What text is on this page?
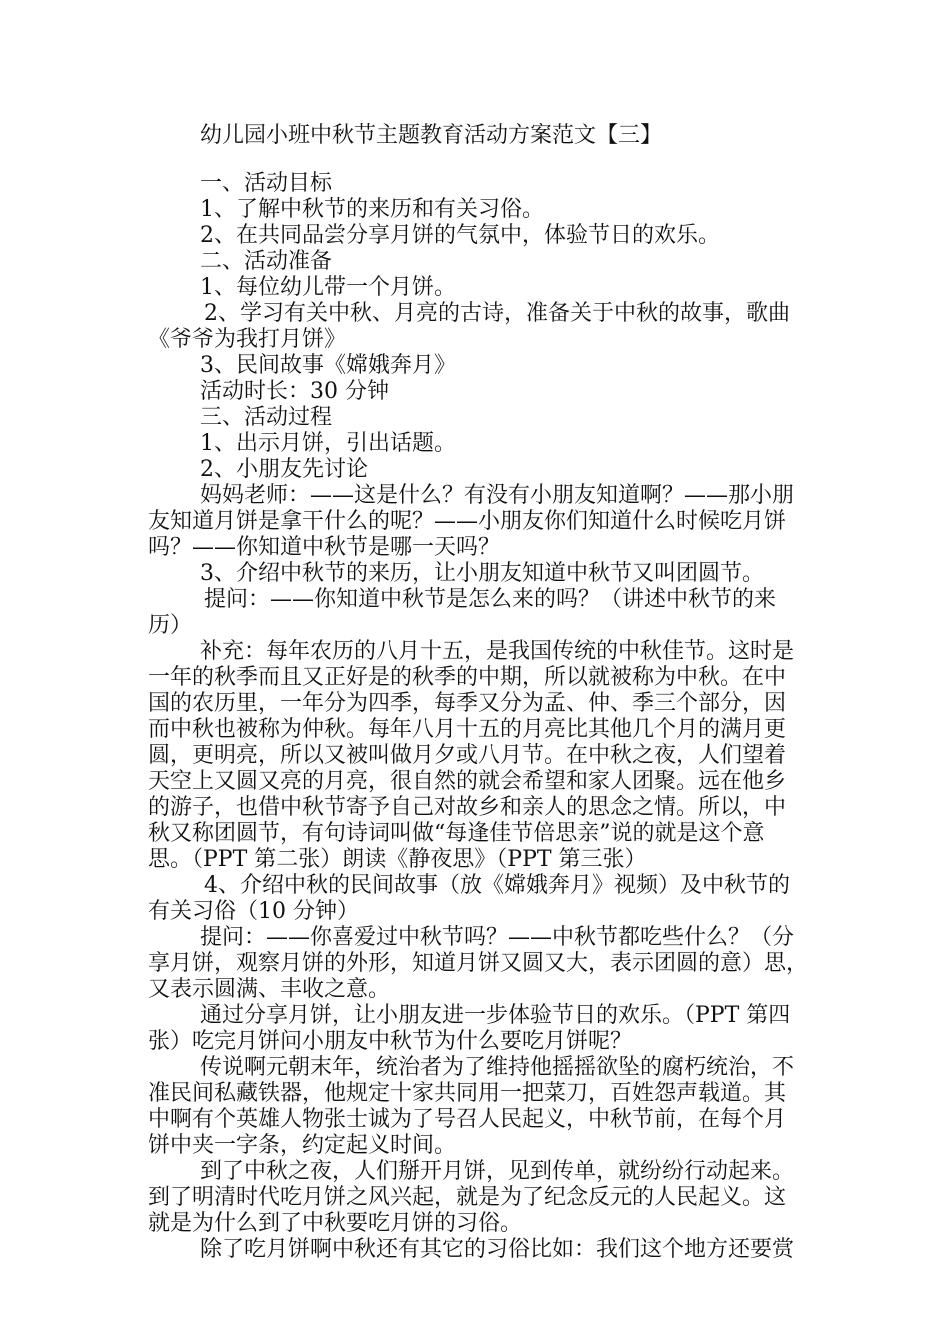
幼儿园小班中秋节主题教育活动方案范文【三】
一、活动目标
1、了解中秋节的来历和有关习俗。
2、在共同品尝分享月饼的气氛中，体验节日的欢乐。
二、活动准备
1、每位幼儿带一个月饼。
2、学习有关中秋、月亮的古诗，准备关于中秋的故事，歌曲
《爷爷为我打月饼》
3、民间故事《嫦娥奔月》
活动时长：30 分钟
三、活动过程
1、出示月饼，引出话题。
2、小朋友先讨论
妈妈老师：——这是什么？有没有小朋友知道啊？——那小朋
友知道月饼是拿干什么的呢？——小朋友你们知道什么时候吃月饼
吗？——你知道中秋节是哪一天吗？
3、介绍中秋节的来历，让小朋友知道中秋节又叫团圆节。
提问：——你知道中秋节是怎么来的吗？（讲述中秋节的来
历）
补充：每年农历的八月十五，是我国传统的中秋佳节。这时是
一年的秋季而且又正好是的秋季的中期，所以就被称为中秋。在中
国的农历里，一年分为四季，每季又分为孟、仲、季三个部分，因
而中秋也被称为仲秋。每年八月十五的月亮比其他几个月的满月更
圆，更明亮，所以又被叫做月夕或八月节。在中秋之夜，人们望着
天空上又圆又亮的月亮，很自然的就会希望和家人团聚。远在他乡
的游子，也借中秋节寄予自己对故乡和亲人的思念之情。所以，中
秋又称团圆节，有句诗词叫做“每逢佳节倍思亲”说的就是这个意
思。（PPT 第二张）朗读《静夜思》（PPT 第三张）
4、介绍中秋的民间故事（放《嫦娥奔月》视频）及中秋节的
有关习俗（10 分钟）
提问：——你喜爱过中秋节吗？——中秋节都吃些什么？（分
享月饼，观察月饼的外形，知道月饼又圆又大，表示团圆的意）思，
又表示圆满、丰收之意。
通过分享月饼，让小朋友进一步体验节日的欢乐。（PPT 第四
张）吃完月饼问小朋友中秋节为什么要吃月饼呢？
传说啊元朝末年，统治者为了维持他摇摇欲坠的腐朽统治，不
准民间私藏铁器，他规定十家共同用一把菜刀，百姓怨声载道。其
中啊有个英雄人物张士诚为了号召人民起义，中秋节前，在每个月
饼中夹一字条，约定起义时间。
到了中秋之夜，人们掰开月饼，见到传单，就纷纷行动起来。
到了明清时代吃月饼之风兴起，就是为了纪念反元的人民起义。这
就是为什么到了中秋要吃月饼的习俗。
除了吃月饼啊中秋还有其它的习俗比如：我们这个地方还要赏
